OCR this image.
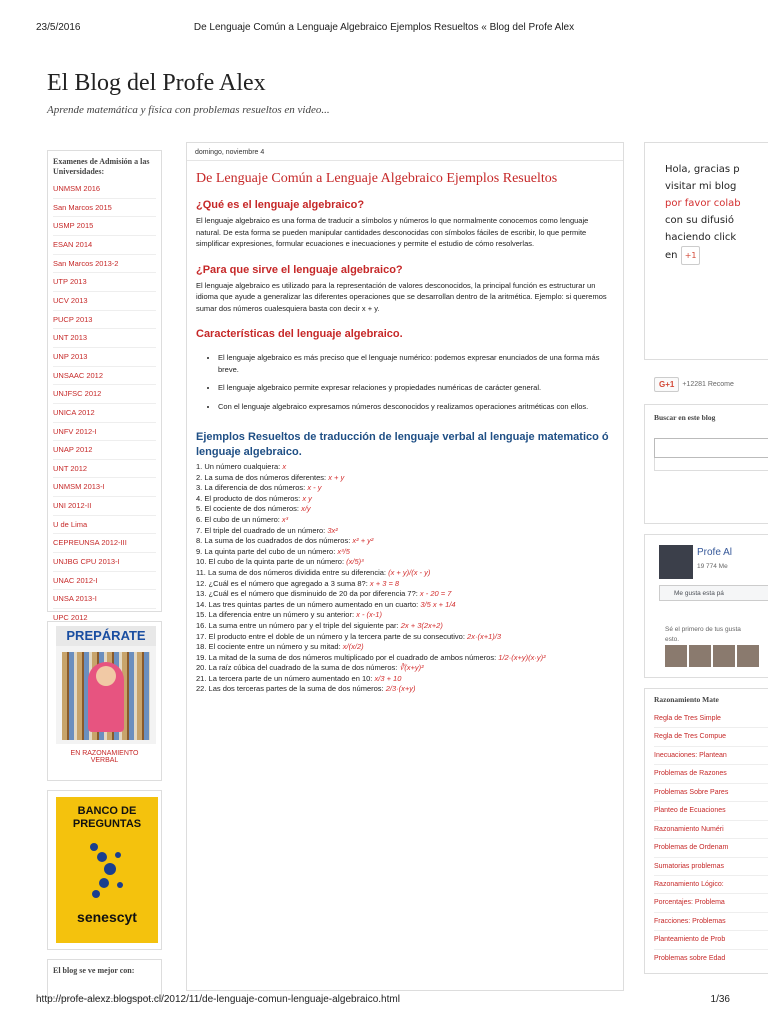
23/5/2016	De Lenguaje Común a Lenguaje Algebraico Ejemplos Resueltos « Blog del Profe Alex
El Blog del Profe Alex
Aprende matemática y física con problemas resueltos en video...
Examenes de Admisión a las Universidades:
UNMSM 2016
San Marcos 2015
USMP 2015
ESAN 2014
San Marcos 2013-2
UTP 2013
UCV 2013
PUCP 2013
UNT 2013
UNP 2013
UNSAAC 2012
UNJFSC 2012
UNICA 2012
UNFV 2012-I
UNAP 2012
UNT 2012
UNMSM 2013-I
UNI 2012-II
U de Lima
CEPREUNSA 2012-III
UNJBG CPU 2013-I
UNAC 2012-I
UNSA 2013-I
UPC 2012
PREPÁRATE
EN RAZONAMIENTO VERBAL
BANCO DE PREGUNTAS
senescyt
El blog se ve mejor con:
domingo, noviembre 4
De Lenguaje Común a Lenguaje Algebraico Ejemplos Resueltos
¿Qué es el lenguaje algebraico?

El lenguaje algebraico es una forma de traducir a símbolos y números lo que normalmente conocemos como lenguaje natural. De esta forma se pueden manipular cantidades desconocidas con símbolos fáciles de escribir, lo que permite simplificar expresiones, formular ecuaciones e inecuaciones y permite el estudio de cómo resolverlas.

¿Para que sirve el lenguaje algebraico?

El lenguaje algebraico es utilizado para la representación de valores desconocidos, la principal función es estructurar un idioma que ayude a generalizar las diferentes operaciones que se desarrollan dentro de la aritmética. Ejemplo: si queremos sumar dos números cualesquiera basta con decir x + y.

Características del lenguaje algebraico.
• El lenguaje algebraico es más preciso que el lenguaje numérico: podemos expresar enunciados de una forma más breve.
• El lenguaje algebraico permite expresar relaciones y propiedades numéricas de carácter general.
• Con el lenguaje algebraico expresamos números desconocidos y realizamos operaciones aritméticas con ellos.
Ejemplos Resueltos de traducción de lenguaje verbal al lenguaje matematico ó lenguaje algebraico.
1. Un número cualquiera: x
2. La suma de dos números diferentes: x + y
3. La diferencia de dos números: x - y
4. El producto de dos números: x y
5. El cociente de dos números: x/y
6. El cubo de un número: x³
7. El triple del cuadrado de un número: 3x²
8. La suma de los cuadrados de dos números: x² + y²
9. La quinta parte del cubo de un número: x³/5
10. El cubo de la quinta parte de un número: (x/5)³
11. La suma de dos números dividida entre su diferencia: (x + y)/(x - y)
12. ¿Cuál es el número que agregado a 3 suma 8?: x + 3 = 8
13. ¿Cuál es el número que disminuido de 20 da por diferencia 7?: x - 20 = 7
14. Las tres quintas partes de un número aumentado en un cuarto: 3/5 x + 1/4
15. La diferencia entre un número y su anterior: x - (x-1)
16. La suma entre un número par y el triple del siguiente par: 2x + 3(2x+2)
17. El producto entre el doble de un número y la tercera parte de su consecutivo: 2x·(x+1)/3
18. El cociente entre un número y su mitad: x/(x/2)
19. La mitad de la suma de dos números multiplicado por el cuadrado de ambos números: 1/2·(x+y)(x·y)²
20. La raíz cúbica del cuadrado de la suma de dos números: ∛(x+y)²
21. La tercera parte de un número aumentado en 10: x/3 + 10
22. Las dos terceras partes de la suma de dos números: 2/3·(x+y)
Hola, gracias p
visitar mi blog
por favor colab
con su difusió
haciendo click
en +1
G+1	+12281 Recome
Buscar en este blog
Profe Al
19 774 Me
Me gusta esta pá
Sé el primero de tus gusta esto.
Razonamiento Mate
Regla de Tres Simple
Regla de Tres Compue
Inecuaciones: Plantean
Problemas de Razones
Problemas Sobre Pares
Planteo de Ecuaciones
Razonamiento Numéri
Problemas de Ordenam
Sumatorias problemas
Razonamiento Lógico:
Porcentajes: Problema
Fracciones: Problemas
Planteamiento de Prob
Problemas sobre Edad
http://profe-alexz.blogspot.cl/2012/11/de-lenguaje-comun-lenguaje-algebraico.html	1/36
